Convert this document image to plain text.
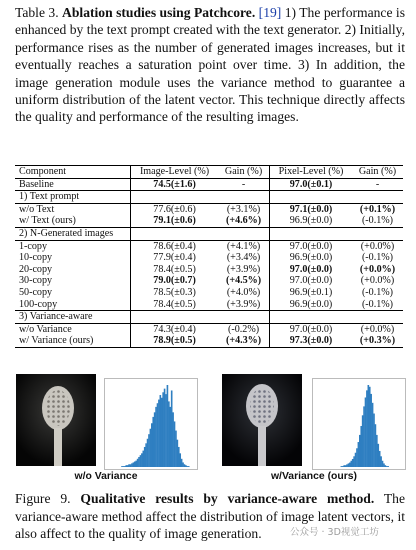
Table 3. Ablation studies using Patchcore. [19] 1) The performance is enhanced by the text prompt created with the text generator. 2) Initially, performance rises as the number of generated images increases, but it eventually reaches a saturation point over time. 3) In addition, the image generation module uses the variance method to guarantee a uniform distribution of the latent vector. This technique directly affects the quality and performance of the resulting images.
Component	Image-Level (%)	Gain (%)	Pixel-Level (%)	Gain (%)
Baseline	74.5(±1.6)	-	97.0(±0.1)	-
1) Text prompt				
w/o Text	77.6(±0.6)	(+3.1%)	97.1(±0.0)	(+0.1%)
w/ Text (ours)	79.1(±0.6)	(+4.6%)	96.9(±0.0)	(-0.1%)
2) N-Generated images				
1-copy	78.6(±0.4)	(+4.1%)	97.0(±0.0)	(+0.0%)
10-copy	77.9(±0.4)	(+3.4%)	96.9(±0.0)	(-0.1%)
20-copy	78.4(±0.5)	(+3.9%)	97.0(±0.0)	(+0.0%)
30-copy	79.0(±0.7)	(+4.5%)	97.0(±0.0)	(+0.0%)
50-copy	78.5(±0.3)	(+4.0%)	96.9(±0.1)	(-0.1%)
100-copy	78.4(±0.5)	(+3.9%)	96.9(±0.0)	(-0.1%)
3) Variance-aware				
w/o Variance	74.3(±0.4)	(-0.2%)	97.0(±0.0)	(+0.0%)
w/ Variance (ours)	78.9(±0.5)	(+4.3%)	97.3(±0.0)	(+0.3%)
w/o Variance	w/Variance (ours)
Figure 9. Qualitative results by variance-aware method. The variance-aware method affect the distribution of image latent vectors, it also affect to the quality of image generation.	公众号 · 3D视觉工坊
